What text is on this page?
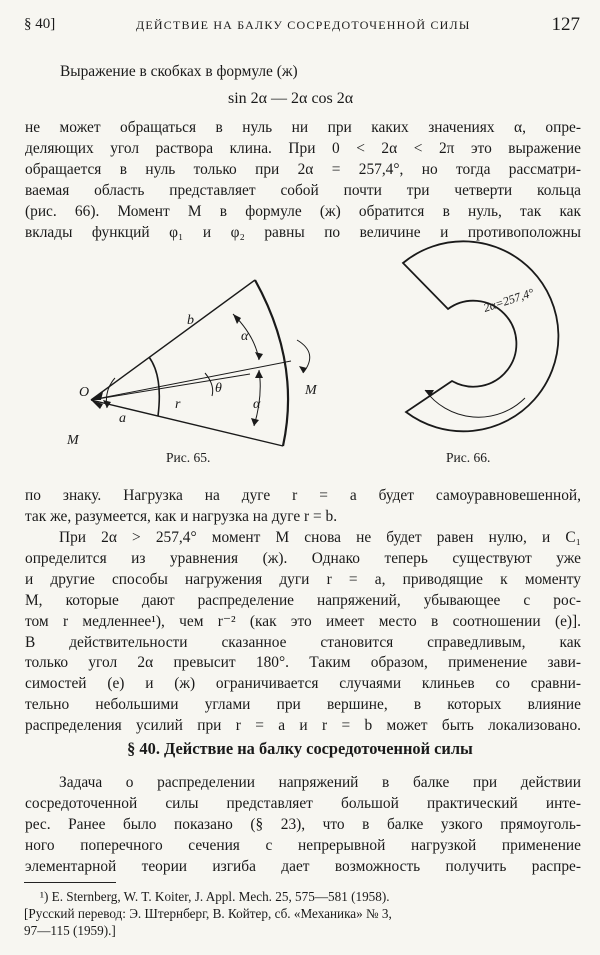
§ 40]	ДЕЙСТВИЕ НА БАЛКУ СОСРЕДОТОЧЕННОЙ СИЛЫ	127
Выражение в скобках в формуле (ж)
sin 2α — 2α cos 2α
не может обращаться в нуль ни при каких значениях α, опре-
деляющих угол раствора клина. При 0 < 2α < 2π это выражение
обращается в нуль только при 2α = 257,4°, но тогда рассматри-
ваемая область представляет собой почти три четверти кольца
(рис. 66). Момент M в формуле (ж) обратится в нуль, так как
вклады функций φ₁ и φ₂ равны по величине и противоположны
O
M
M
a
b
r
θ
α
α
Рис. 65.
2α=257,4°
Рис. 66.
по знаку. Нагрузка на дуге r = a будет самоуравновешенной,
так же, разумеется, как и нагрузка на дуге r = b.
При 2α > 257,4° момент M снова не будет равен нулю, и C₁
определится из уравнения (ж). Однако теперь существуют уже
и другие способы нагружения дуги r = a, приводящие к моменту
M, которые дают распределение напряжений, убывающее с рос-
том r медленнее¹), чем r⁻² (как это имеет место в соотношении (е)].
В действительности сказанное становится справедливым, как
только угол 2α превысит 180°. Таким образом, применение зави-
симостей (е) и (ж) ограничивается случаями клиньев со сравни-
тельно небольшими углами при вершине, в которых влияние
распределения усилий при r = a и r = b может быть локализовано.
§ 40. Действие на балку сосредоточенной силы
Задача о распределении напряжений в балке при действии
сосредоточенной силы представляет большой практический инте-
рес. Ранее было показано (§ 23), что в балке узкого прямоуголь-
ного поперечного сечения с непрерывной нагрузкой применение
элементарной теории изгиба дает возможность получить распре-
¹) E. Sternberg, W. T. Koiter, J. Appl. Mech. 25, 575—581 (1958).
[Русский перевод: Э. Штернберг, В. Койтер, сб. «Механика» № 3,
97—115 (1959).]
